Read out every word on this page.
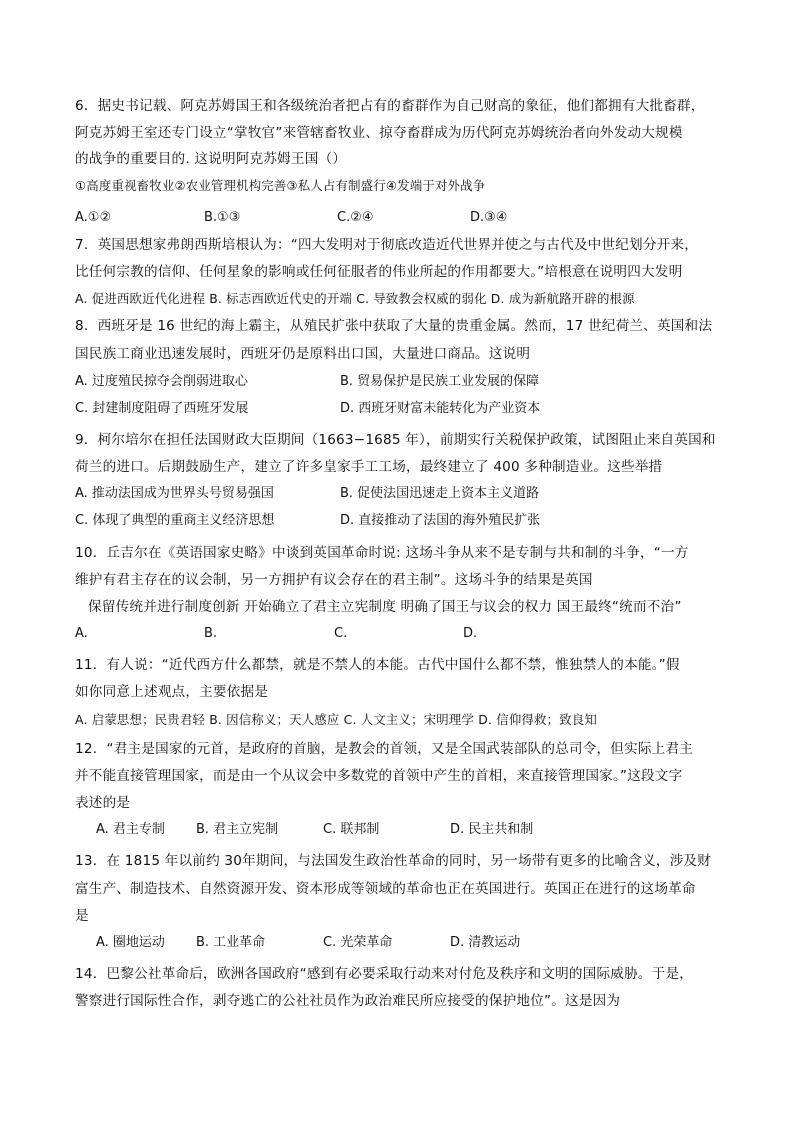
6．据史书记载、阿克苏姆国王和各级统治者把占有的畜群作为自己财高的象征，他们都拥有大批畜群，
阿克苏姆王室还专门设立“掌牧官”来管辖畜牧业、掠夺畜群成为历代阿克苏姆统治者向外发动大规模
的战争的重要目的. 这说明阿克苏姆王国（）
①高度重视畜牧业②农业管理机构完善③私人占有制盛行④发端于对外战争
A.①②	B.①③	C.②④	D.③④
7．英国思想家弗朗西斯培根认为：“四大发明对于彻底改造近代世界并使之与古代及中世纪划分开来，
比任何宗教的信仰、任何星象的影响或任何征服者的伟业所起的作用都要大。”培根意在说明四大发明
A. 促进西欧近代化进程 B. 标志西欧近代史的开端 C. 导致教会权威的弱化 D. 成为新航路开辟的根源
8．西班牙是 16 世纪的海上霸主，从殖民扩张中获取了大量的贵重金属。然而，17 世纪荷兰、英国和法
国民族工商业迅速发展时，西班牙仍是原料出口国，大量进口商品。这说明
A. 过度殖民掠夺会削弱进取心	B. 贸易保护是民族工业发展的保障
C. 封建制度阻碍了西班牙发展	D. 西班牙财富未能转化为产业资本
9．柯尔培尔在担任法国财政大臣期间（1663−1685 年），前期实行关税保护政策，试图阻止来自英国和
荷兰的进口。后期鼓励生产，建立了许多皇家手工工场，最终建立了 400 多种制造业。这些举措
A. 推动法国成为世界头号贸易强国	B. 促使法国迅速走上资本主义道路
C. 体现了典型的重商主义经济思想	D. 直接推动了法国的海外殖民扩张
10．丘吉尔在《英语国家史略》中谈到英国革命时说: 这场斗争从来不是专制与共和制的斗争，“一方
维护有君主存在的议会制，另一方拥护有议会存在的君主制”。这场斗争的结果是英国
保留传统并进行制度创新 开始确立了君主立宪制度 明确了国王与议会的权力 国王最终“统而不治”
A.	B.	C.	D.
11．有人说：“近代西方什么都禁，就是不禁人的本能。古代中国什么都不禁，惟独禁人的本能。”假
如你同意上述观点，主要依据是
A. 启蒙思想；民贵君轻 B. 因信称义；天人感应 C. 人文主义；宋明理学 D. 信仰得救；致良知
12．“君主是国家的元首，是政府的首脑，是教会的首领，又是全国武装部队的总司令，但实际上君主
并不能直接管理国家，而是由一个从议会中多数党的首领中产生的首相，来直接管理国家。”这段文字
表述的是
A. 君主专制 B. 君主立宪制	C. 联邦制	D. 民主共和制
13．在 1815 年以前约 30年期间，与法国发生政治性革命的同时，另一场带有更多的比喻含义，涉及财
富生产、制造技术、自然资源开发、资本形成等领域的革命也正在英国进行。英国正在进行的这场革命
是
A. 圈地运动 B. 工业革命	C. 光荣革命	D. 清教运动
14．巴黎公社革命后，欧洲各国政府“感到有必要采取行动来对付危及秩序和文明的国际威胁。于是，
警察进行国际性合作，剥夺逃亡的公社社员作为政治难民所应接受的保护地位”。这是因为
